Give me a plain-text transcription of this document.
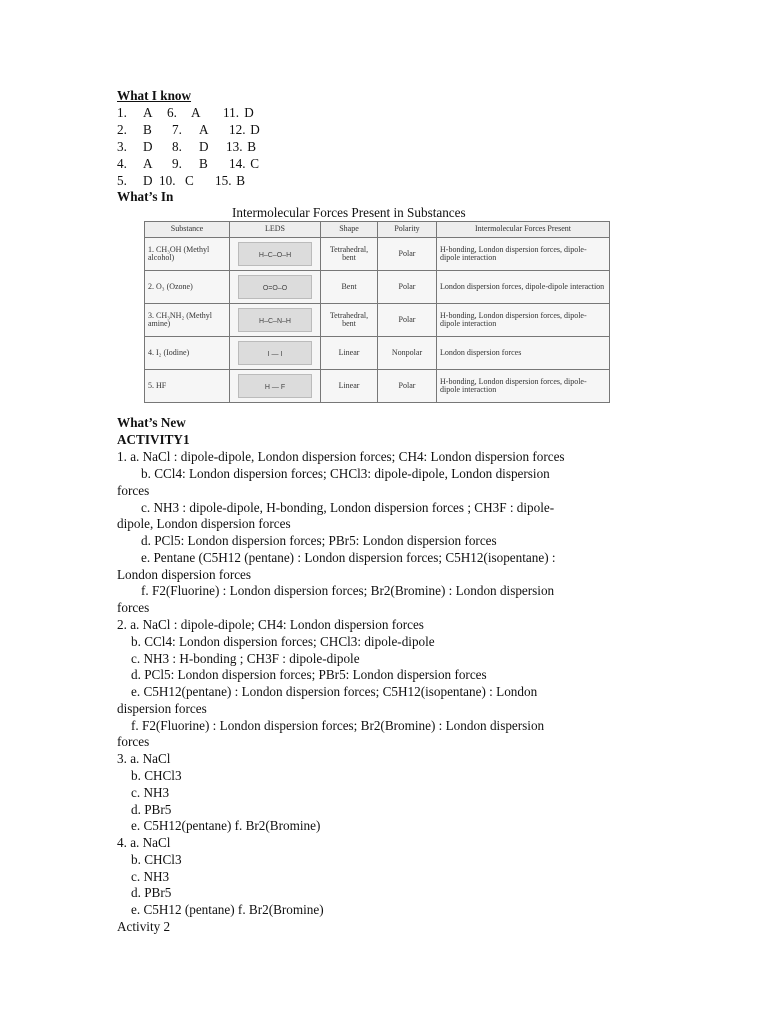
What I know
1. A 6. A 11. D
2. B 7. A 12. D
3. D 8. D 13. B
4. A 9. B 14. C
5. D 10. C 15. B
What’s In
Intermolecular Forces Present in Substances
Substance	LEDS	Shape	Polarity	Intermolecular Forces Present
1. CH₃OH (Methyl alcohol)	H–C–O–H	Tetrahedral, bent	Polar	H-bonding, London dispersion forces, dipole-dipole interaction
2. O₃ (Ozone)	O=O–O	Bent	Polar	London dispersion forces, dipole-dipole interaction
3. CH₃NH₂ (Methyl amine)	H–C–N–H	Tetrahedral, bent	Polar	H-bonding, London dispersion forces, dipole-dipole interaction
4. I₂ (Iodine)	I — I	Linear	Nonpolar	London dispersion forces
5. HF	H — F	Linear	Polar	H-bonding, London dispersion forces, dipole-dipole interaction
What’s New
ACTIVITY1
1. a. NaCl : dipole-dipole, London dispersion forces; CH4: London dispersion forces
b. CCl4: London dispersion forces; CHCl3: dipole-dipole, London dispersion
forces
c. NH3 : dipole-dipole, H-bonding, London dispersion forces ; CH3F : dipole-
dipole, London dispersion forces
d. PCl5: London dispersion forces; PBr5: London dispersion forces
e. Pentane (C5H12 (pentane) : London dispersion forces; C5H12(isopentane) :
London dispersion forces
f. F2(Fluorine) : London dispersion forces; Br2(Bromine) : London dispersion
forces
2. a. NaCl : dipole-dipole; CH4: London dispersion forces
b. CCl4: London dispersion forces; CHCl3: dipole-dipole
c. NH3 : H-bonding ; CH3F : dipole-dipole
d. PCl5: London dispersion forces; PBr5: London dispersion forces
e. C5H12(pentane) : London dispersion forces; C5H12(isopentane) : London
dispersion forces
f. F2(Fluorine) : London dispersion forces; Br2(Bromine) : London dispersion
forces
3. a. NaCl
b. CHCl3
c. NH3
d. PBr5
e. C5H12(pentane) f. Br2(Bromine)
4. a. NaCl
b. CHCl3
c. NH3
d. PBr5
e. C5H12 (pentane) f. Br2(Bromine)
Activity 2
